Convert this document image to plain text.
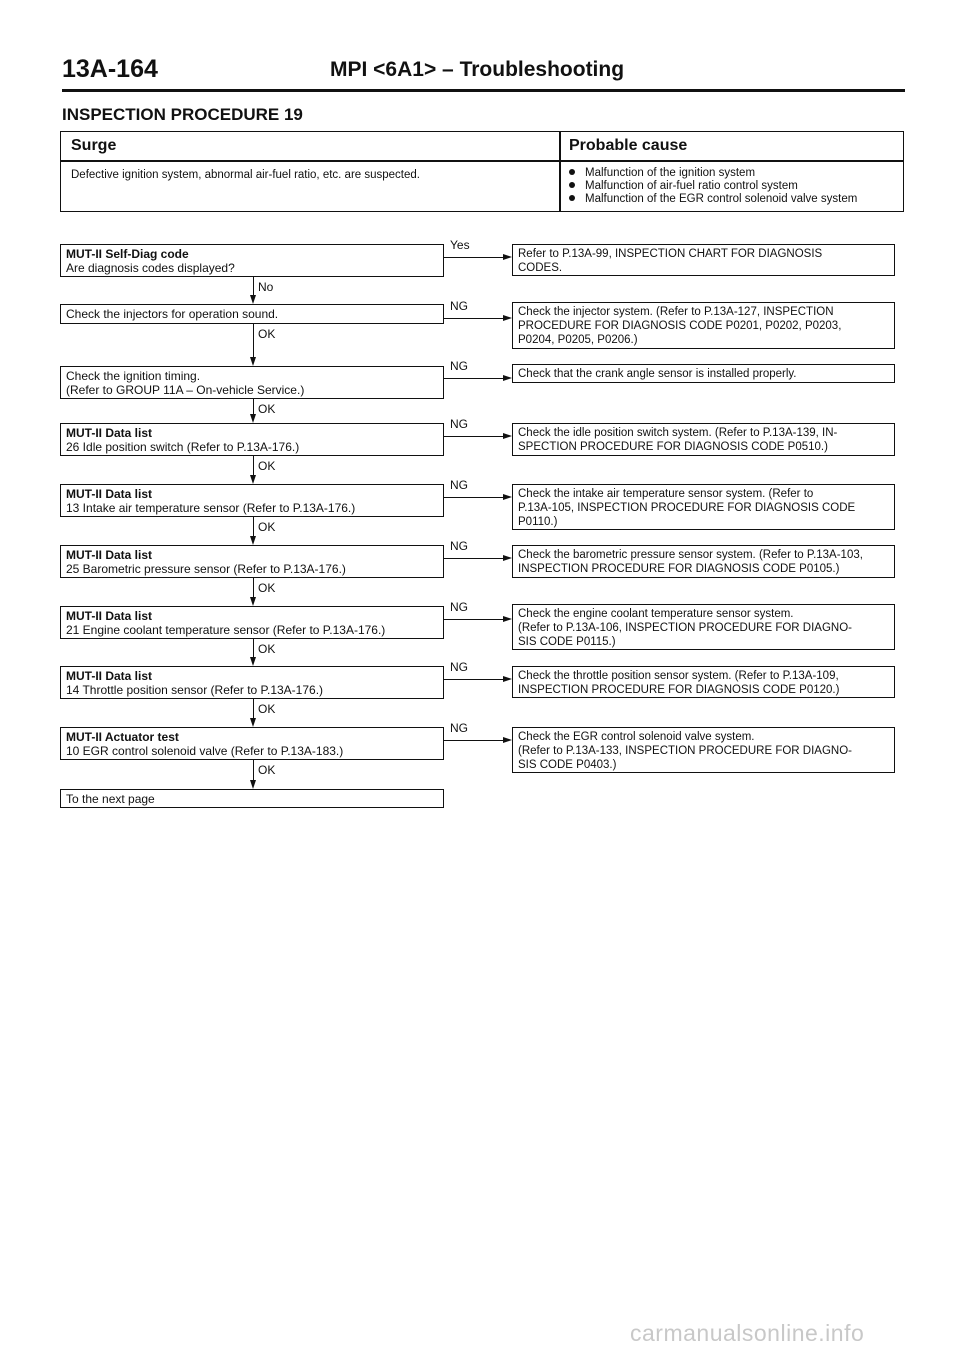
13A-164	MPI <6A1> – Troubleshooting
INSPECTION PROCEDURE 19
Surge	Probable cause
Defective ignition system, abnormal air-fuel ratio, etc. are suspected.	Malfunction of the ignition system
Malfunction of air-fuel ratio control system
Malfunction of the EGR control solenoid valve system
MUT-II Self-Diag code
Are diagnosis codes displayed?
Refer to P.13A-99, INSPECTION CHART FOR DIAGNOSIS
CODES.
Yes
No
Check the injectors for operation sound.	Check the injector system. (Refer to P.13A-127, INSPECTION
PROCEDURE FOR DIAGNOSIS CODE P0201, P0202, P0203,
P0204, P0205, P0206.)
NG
OK
Check the ignition timing.
(Refer to GROUP 11A – On-vehicle Service.)
Check that the crank angle sensor is installed properly.
NG
OK
MUT-II Data list
26 Idle position switch (Refer to P.13A-176.)
Check the idle position switch system. (Refer to P.13A-139, IN-
SPECTION PROCEDURE FOR DIAGNOSIS CODE P0510.)
NG
OK
MUT-II Data list
13 Intake air temperature sensor (Refer to P.13A-176.)
Check the intake air temperature sensor system. (Refer to
P.13A-105, INSPECTION PROCEDURE FOR DIAGNOSIS CODE
P0110.)
NG
OK
MUT-II Data list
25 Barometric pressure sensor (Refer to P.13A-176.)
Check the barometric pressure sensor system. (Refer to P.13A-103,
INSPECTION PROCEDURE FOR DIAGNOSIS CODE P0105.)
NG
OK
MUT-II Data list
21 Engine coolant temperature sensor (Refer to P.13A-176.)
Check the engine coolant temperature sensor system.
(Refer to P.13A-106, INSPECTION PROCEDURE FOR DIAGNO-
SIS CODE P0115.)
NG
OK
MUT-II Data list
14 Throttle position sensor (Refer to P.13A-176.)
Check the throttle position sensor system. (Refer to P.13A-109,
INSPECTION PROCEDURE FOR DIAGNOSIS CODE P0120.)
NG
OK
MUT-II Actuator test
10 EGR control solenoid valve (Refer to P.13A-183.)
Check the EGR control solenoid valve system.
(Refer to P.13A-133, INSPECTION PROCEDURE FOR DIAGNO-
SIS CODE P0403.)
NG
OK
To the next page
carmanualsonline.info
